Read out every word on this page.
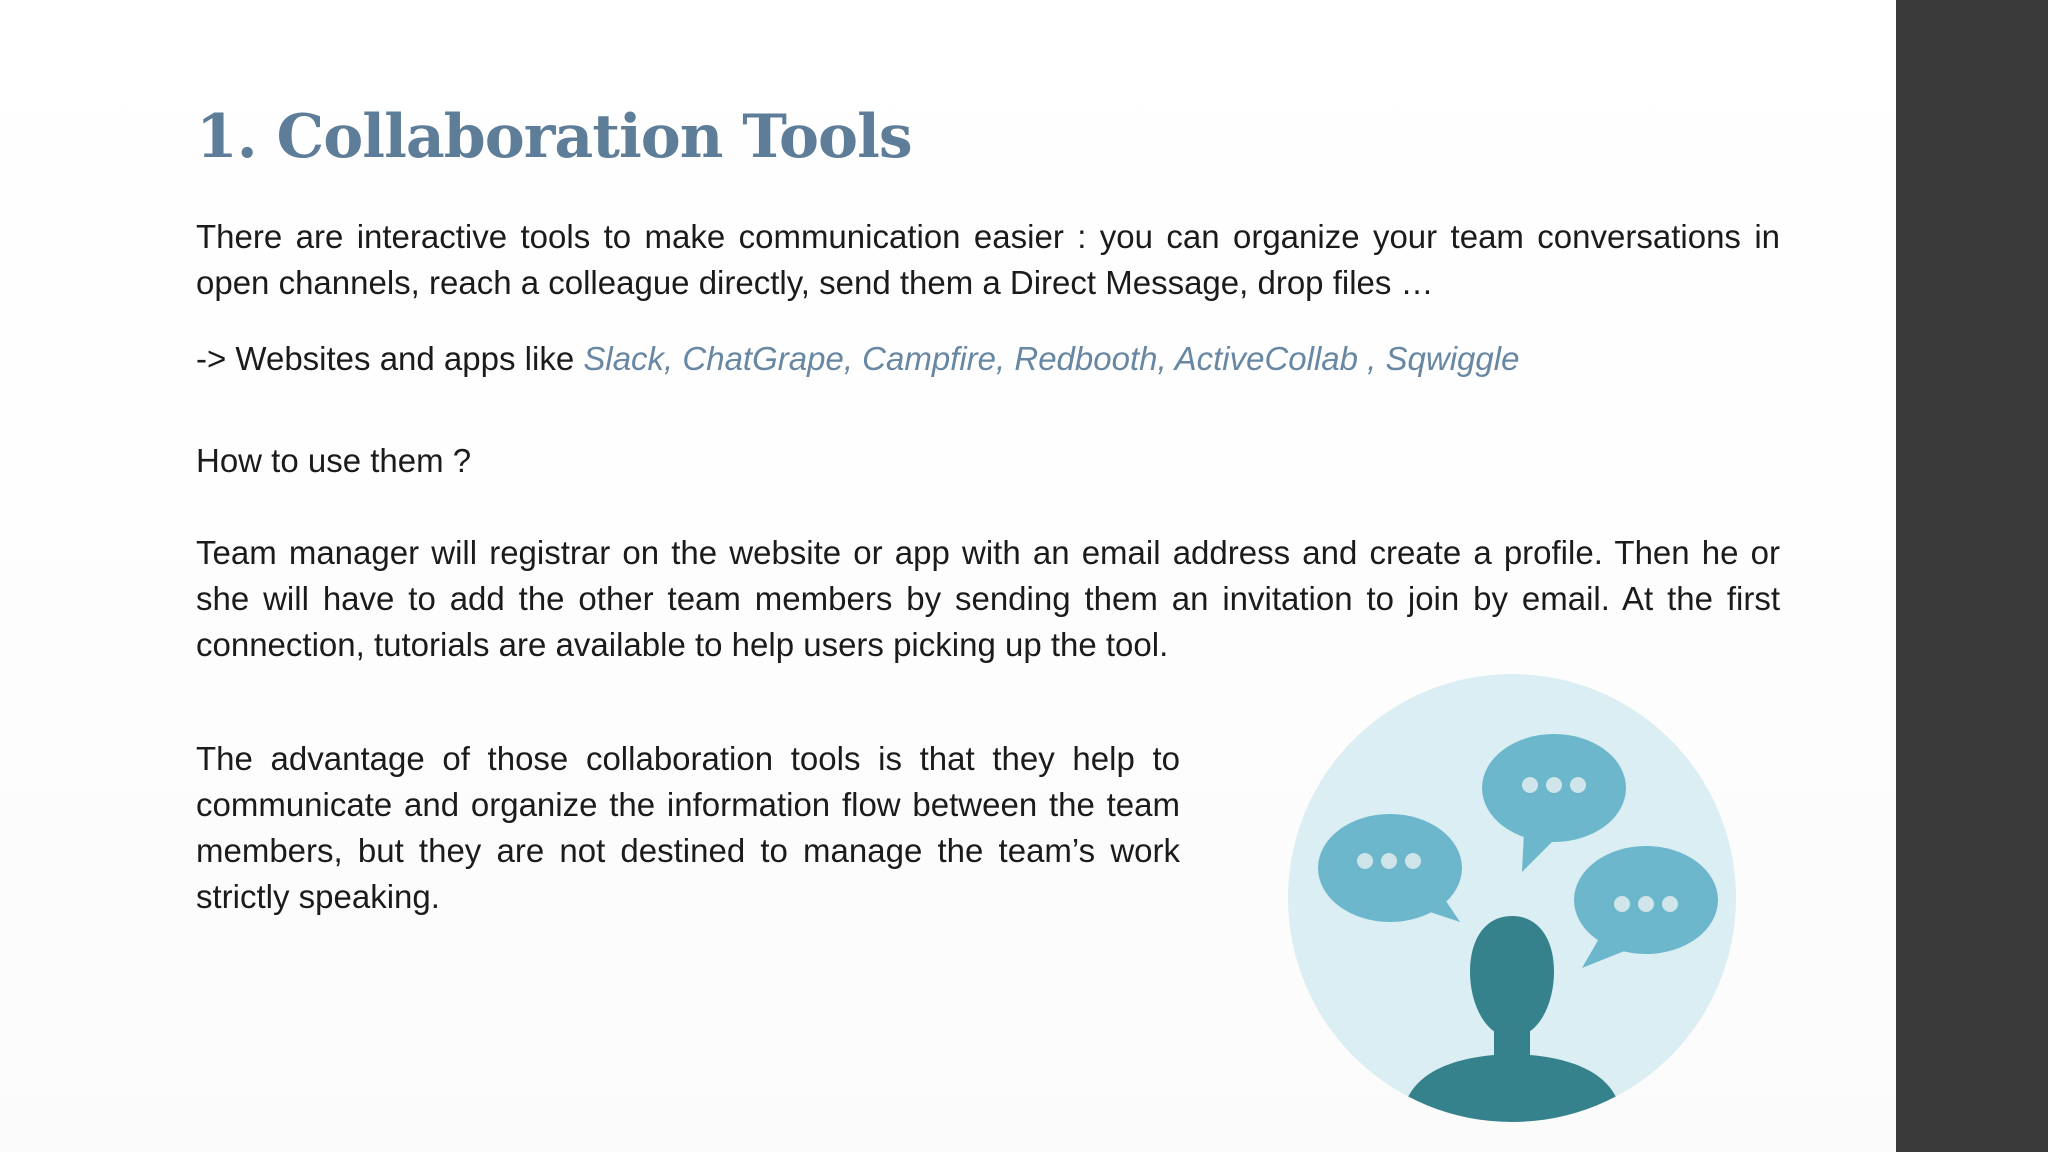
1. Collaboration Tools

There are interactive tools to make communication easier : you can organize your team conversations in open channels, reach a colleague directly, send them a Direct Message, drop files …

-> Websites and apps like Slack, ChatGrape, Campfire, Redbooth, ActiveCollab , Sqwiggle

How to use them ?

Team manager will registrar on the website or app with an email address and create a profile. Then he or she will have to add the other team members by sending them an invitation to join by email. At the first connection, tutorials are available to help users picking up the tool.

The advantage of those collaboration tools is that they help to communicate and organize the information flow between the team members, but they are not destined to manage the team’s work strictly speaking.
